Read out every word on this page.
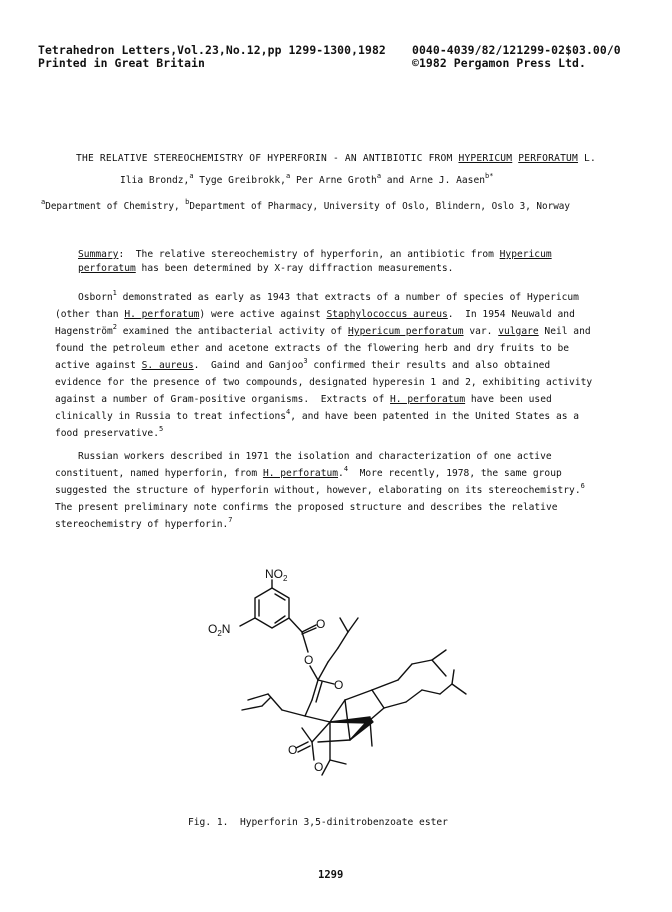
Tetrahedron Letters,Vol.23,No.12,pp 1299-1300,1982
Printed in Great Britain
0040-4039/82/121299-02$03.00/0
©1982 Pergamon Press Ltd.
THE RELATIVE STEREOCHEMISTRY OF HYPERFORIN - AN ANTIBIOTIC FROM HYPERICUM PERFORATUM L.
Ilia Brondz,$^a$ Tyge Greibrokk,$^a$ Per Arne Groth$^a$ and Arne J. Aasen$^{b*}$
$^a$Department of Chemistry, $^b$Department of Pharmacy, University of Oslo, Blindern, Oslo 3, Norway
Summary:  The relative stereochemistry of hyperforin, an antibiotic from Hypericum
perforatum has been determined by X-ray diffraction measurements.
Osborn$^1$ demonstrated as early as 1943 that extracts of a number of species of Hypericum
(other than H. perforatum) were active against Staphylococcus aureus.  In 1954 Neuwald and
Hagenström$^2$ examined the antibacterial activity of Hypericum perforatum var. vulgare Neil and
found the petroleum ether and acetone extracts of the flowering herb and dry fruits to be
active against S. aureus.  Gaind and Ganjoo$^3$ confirmed their results and also obtained
evidence for the presence of two compounds, designated hyperesin 1 and 2, exhibiting activity
against a number of Gram-positive organisms.  Extracts of H. perforatum have been used
clinically in Russia to treat infections$^4$, and have been patented in the United States as a
food preservative.$^5$
Russian workers described in 1971 the isolation and characterization of one active
constituent, named hyperforin, from H. perforatum.$^4$  More recently, 1978, the same group
suggested the structure of hyperforin without, however, elaborating on its stereochemistry.$^6$
The present preliminary note confirms the proposed structure and describes the relative
stereochemistry of hyperforin.$^7$
$NO_2$
$O_2N$	O
O
O
O
O
Fig. 1.  Hyperforin 3,5-dinitrobenzoate ester
1299
